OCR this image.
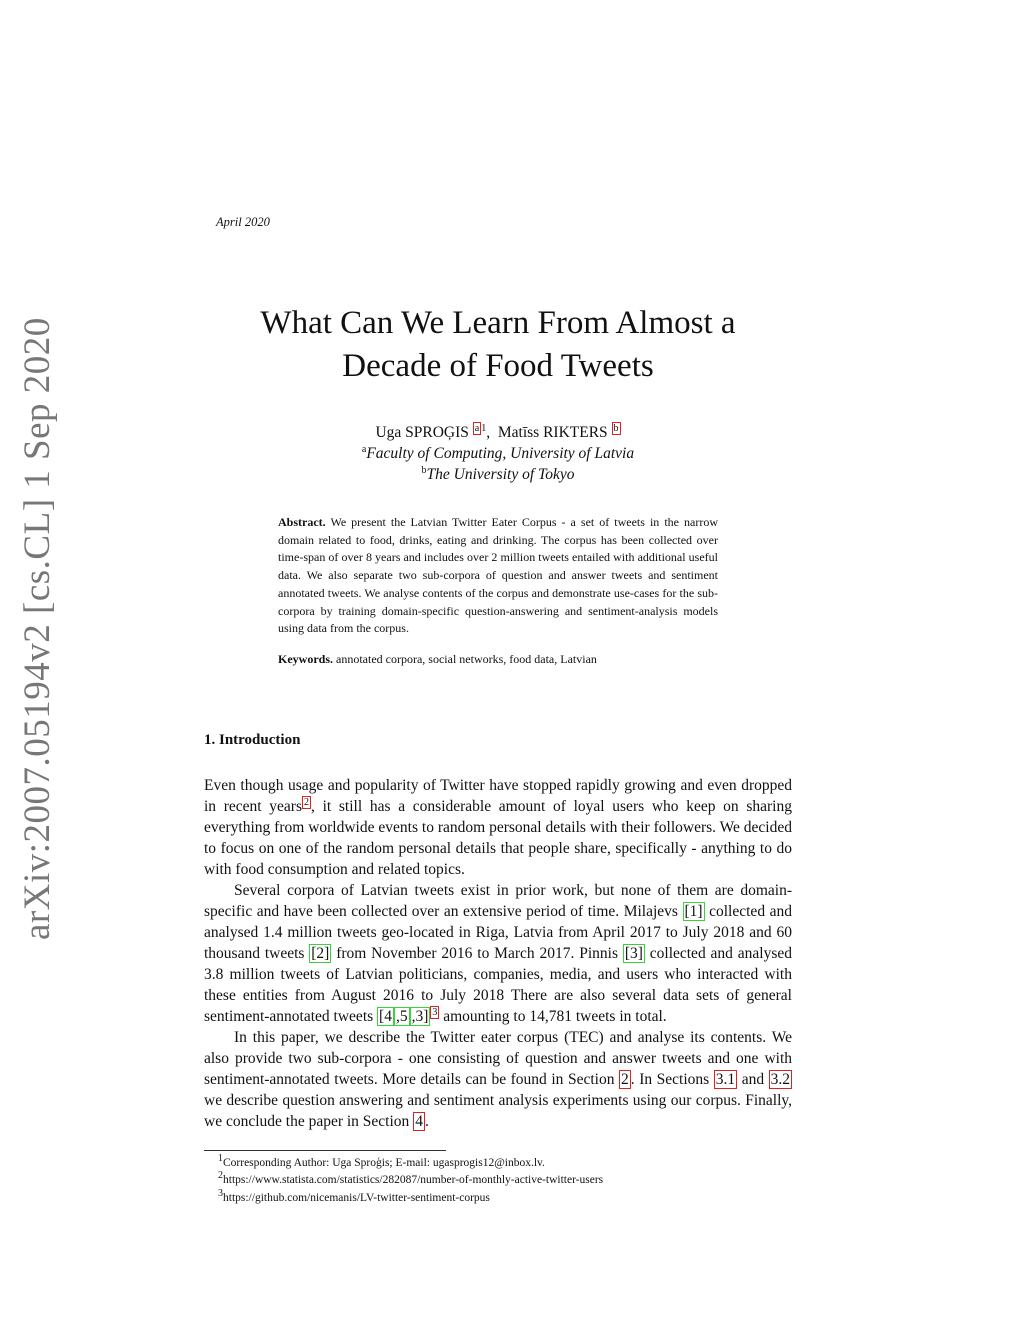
arXiv:2007.05194v2 [cs.CL] 1 Sep 2020
April 2020
What Can We Learn From Almost a
Decade of Food Tweets
Uga SPROĢIS $^a$ $^1$, Matīss RIKTERS $^b$
$^a$Faculty of Computing, University of Latvia
$^b$The University of Tokyo
Abstract. We present the Latvian Twitter Eater Corpus - a set of tweets in the narrow domain related to food, drinks, eating and drinking. The corpus has been collected over time-span of over 8 years and includes over 2 million tweets entailed with additional useful data. We also separate two sub-corpora of question and answer tweets and sentiment annotated tweets. We analyse contents of the corpus and demonstrate use-cases for the sub-corpora by training domain-specific question-answering and sentiment-analysis models using data from the corpus.
Keywords. annotated corpora, social networks, food data, Latvian
1. Introduction

Even though usage and popularity of Twitter have stopped rapidly growing and even dropped in recent years $^2$ , it still has a considerable amount of loyal users who keep on sharing everything from worldwide events to random personal details with their followers. We decided to focus on one of the random personal details that people share, specifically - anything to do with food consumption and related topics.

Several corpora of Latvian tweets exist in prior work, but none of them are domain-specific and have been collected over an extensive period of time. Milajevs [1] collected and analysed 1.4 million tweets geo-located in Riga, Latvia from April 2017 to July 2018 and 60 thousand tweets [2] from November 2016 to March 2017. Pinnis [3] collected and analysed 3.8 million tweets of Latvian politicians, companies, media, and users who interacted with these entities from August 2016 to July 2018 There are also several data sets of general sentiment-annotated tweets [4 ,5 ,3] $^3$ amounting to 14,781 tweets in total.

In this paper, we describe the Twitter eater corpus (TEC) and analyse its contents. We also provide two sub-corpora - one consisting of question and answer tweets and one with sentiment-annotated tweets. More details can be found in Section 2 . In Sections 3.1 and 3.2 we describe question answering and sentiment analysis experiments using our corpus. Finally, we conclude the paper in Section 4 .

1Corresponding Author: Uga Sproģis; E-mail: ugasprogis12@inbox.lv.
2https://www.statista.com/statistics/282087/number-of-monthly-active-twitter-users
3https://github.com/nicemanis/LV-twitter-sentiment-corpus
